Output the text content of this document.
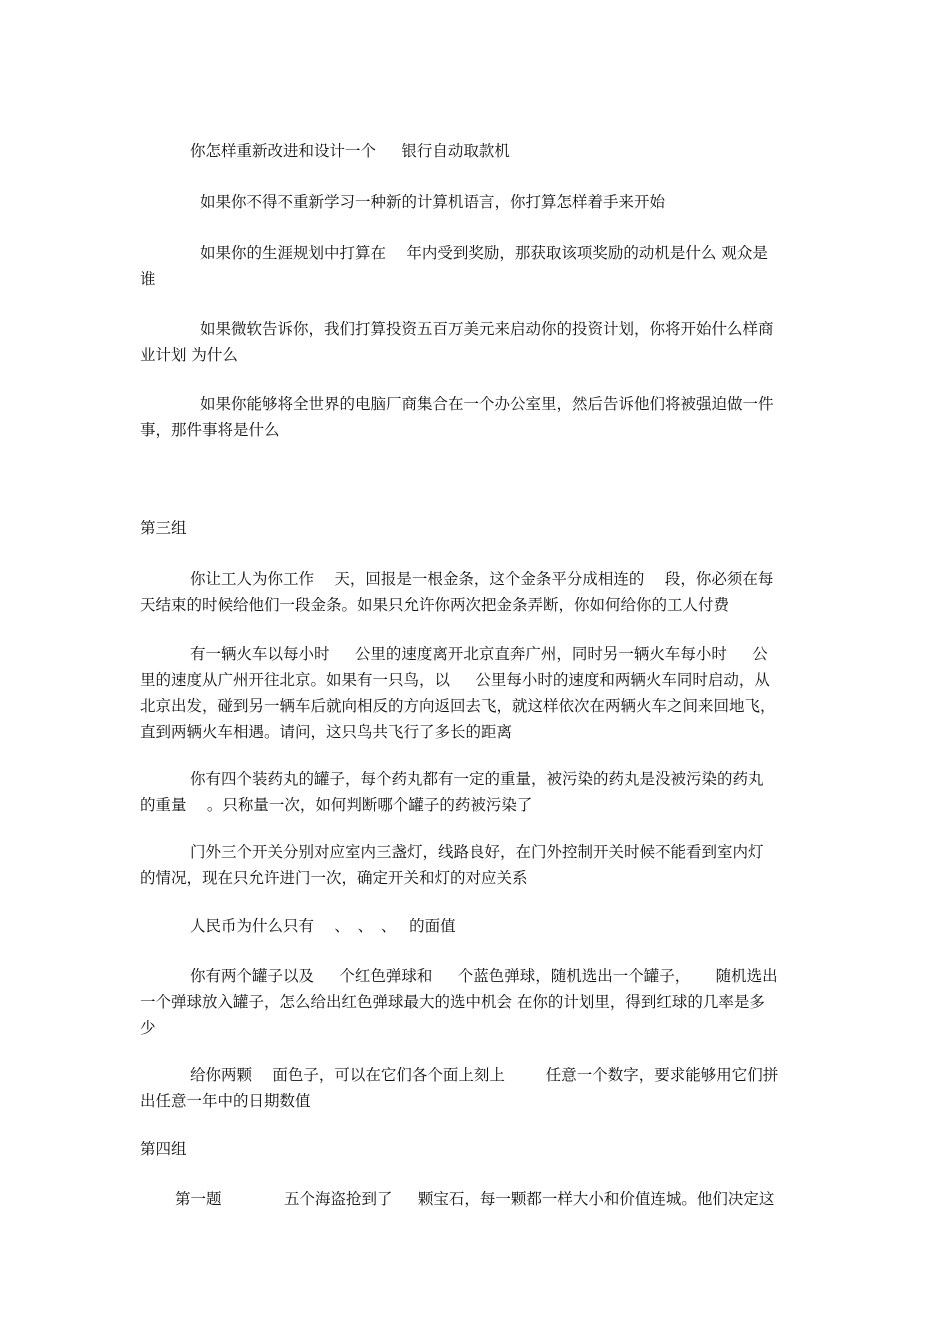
你怎样重新改进和设计一个 　 银行自动取款机
如果你不得不重新学习一种新的计算机语言，你打算怎样着手来开始
如果你的生涯规划中打算在 　年内受到奖励，那获取该项奖励的动机是什么 观众是
谁
如果微软告诉你，我们打算投资五百万美元来启动你的投资计划，你将开始什么样商
业计划 为什么
如果你能够将全世界的电脑厂商集合在一个办公室里，然后告诉他们将被强迫做一件
事，那件事将是什么
第三组
你让工人为你工作 　天，回报是一根金条，这个金条平分成相连的 　段，你必须在每
天结束的时候给他们一段金条。如果只允许你两次把金条弄断，你如何给你的工人付费
有一辆火车以每小时 　 公里的速度离开北京直奔广州，同时另一辆火车每小时 　 公
里的速度从广州开往北京。如果有一只鸟，以 　 公里每小时的速度和两辆火车同时启动，从
北京出发，碰到另一辆车后就向相反的方向返回去飞，就这样依次在两辆火车之间来回地飞，
直到两辆火车相遇。请问，这只鸟共飞行了多长的距离
你有四个装药丸的罐子，每个药丸都有一定的重量，被污染的药丸是没被污染的药丸
的重量 　。只称量一次，如何判断哪个罐子的药被污染了
门外三个开关分别对应室内三盏灯，线路良好，在门外控制开关时候不能看到室内灯
的情况，现在只允许进门一次，确定开关和灯的对应关系
人民币为什么只有 　、　、　、　 的面值
你有两个罐子以及 　 个红色弹球和 　 个蓝色弹球，随机选出一个罐子， 　 随机选出
一个弹球放入罐子，怎么给出红色弹球最大的选中机会 在你的计划里，得到红球的几率是多
少
给你两颗 　面色子，可以在它们各个面上刻上 　 　任意一个数字，要求能够用它们拼
出任意一年中的日期数值
第四组
第一题	五个海盗抢到了 　 颗宝石，每一颗都一样大小和价值连城。他们决定这
